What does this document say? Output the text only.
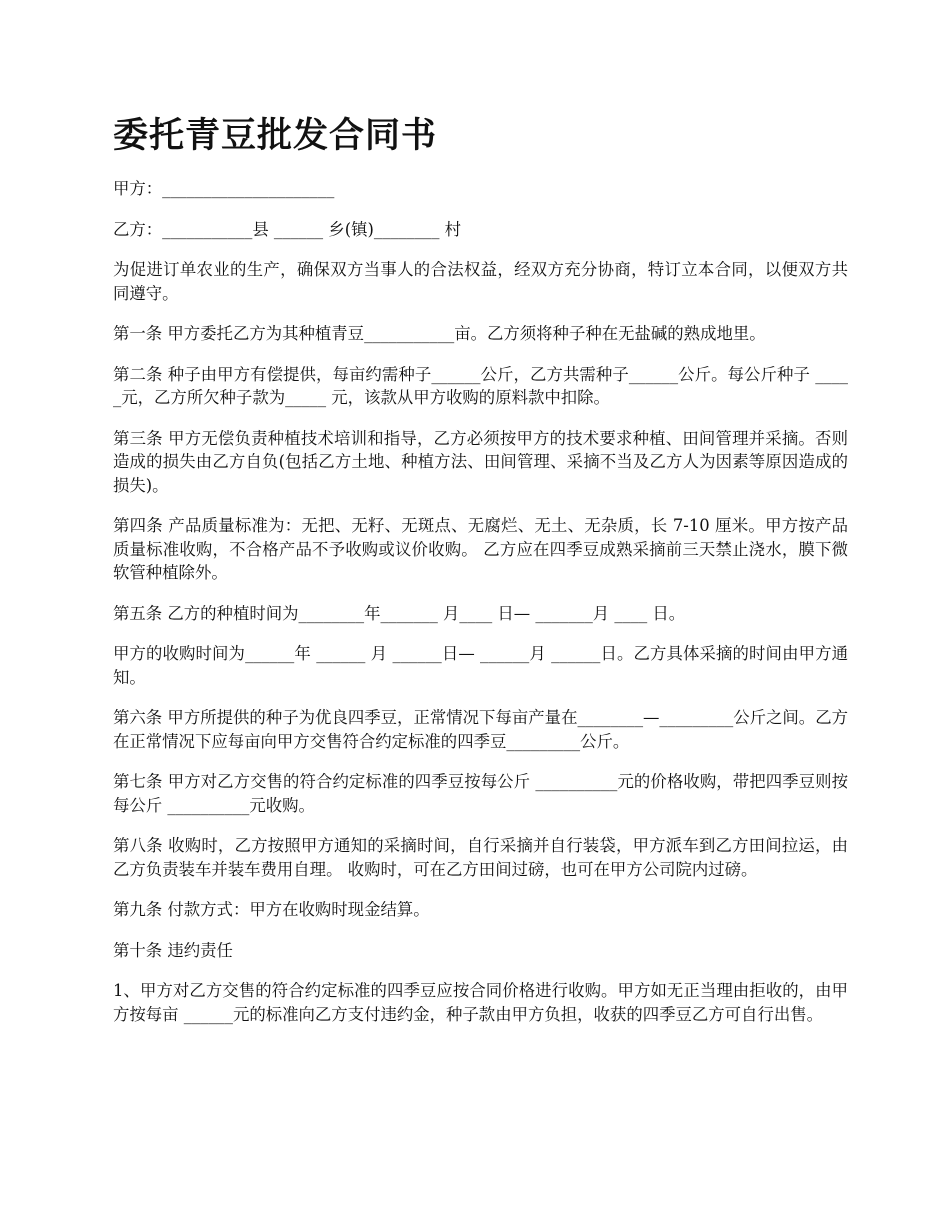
委托青豆批发合同书

甲方：_____________________

乙方：___________县 ______ 乡(镇)________ 村

为促进订单农业的生产，确保双方当事人的合法权益，经双方充分协商，特订立本合同，以便双方共同遵守。

第一条 甲方委托乙方为其种植青豆___________亩。乙方须将种子种在无盐碱的熟成地里。

第二条 种子由甲方有偿提供，每亩约需种子______公斤，乙方共需种子______公斤。每公斤种子 _____元，乙方所欠种子款为_____ 元，该款从甲方收购的原料款中扣除。

第三条 甲方无偿负责种植技术培训和指导，乙方必须按甲方的技术要求种植、田间管理并采摘。否则造成的损失由乙方自负(包括乙方土地、种植方法、田间管理、采摘不当及乙方人为因素等原因造成的损失)。

第四条 产品质量标准为：无把、无籽、无斑点、无腐烂、无土、无杂质，长 7-10 厘米。甲方按产品质量标准收购，不合格产品不予收购或议价收购。 乙方应在四季豆成熟采摘前三天禁止浇水，膜下微软管种植除外。

第五条 乙方的种植时间为________年_______ 月____ 日— _______月 ____ 日。

甲方的收购时间为______年 ______ 月 ______日— ______月 ______日。乙方具体采摘的时间由甲方通知。

第六条 甲方所提供的种子为优良四季豆，正常情况下每亩产量在________—_________公斤之间。乙方在正常情况下应每亩向甲方交售符合约定标准的四季豆_________公斤。

第七条 甲方对乙方交售的符合约定标准的四季豆按每公斤 __________元的价格收购，带把四季豆则按每公斤 __________元收购。

第八条 收购时，乙方按照甲方通知的采摘时间，自行采摘并自行装袋，甲方派车到乙方田间拉运，由乙方负责装车并装车费用自理。 收购时，可在乙方田间过磅，也可在甲方公司院内过磅。

第九条 付款方式：甲方在收购时现金结算。

第十条 违约责任

1、甲方对乙方交售的符合约定标准的四季豆应按合同价格进行收购。甲方如无正当理由拒收的，由甲方按每亩 ______元的标准向乙方支付违约金，种子款由甲方负担，收获的四季豆乙方可自行出售。
